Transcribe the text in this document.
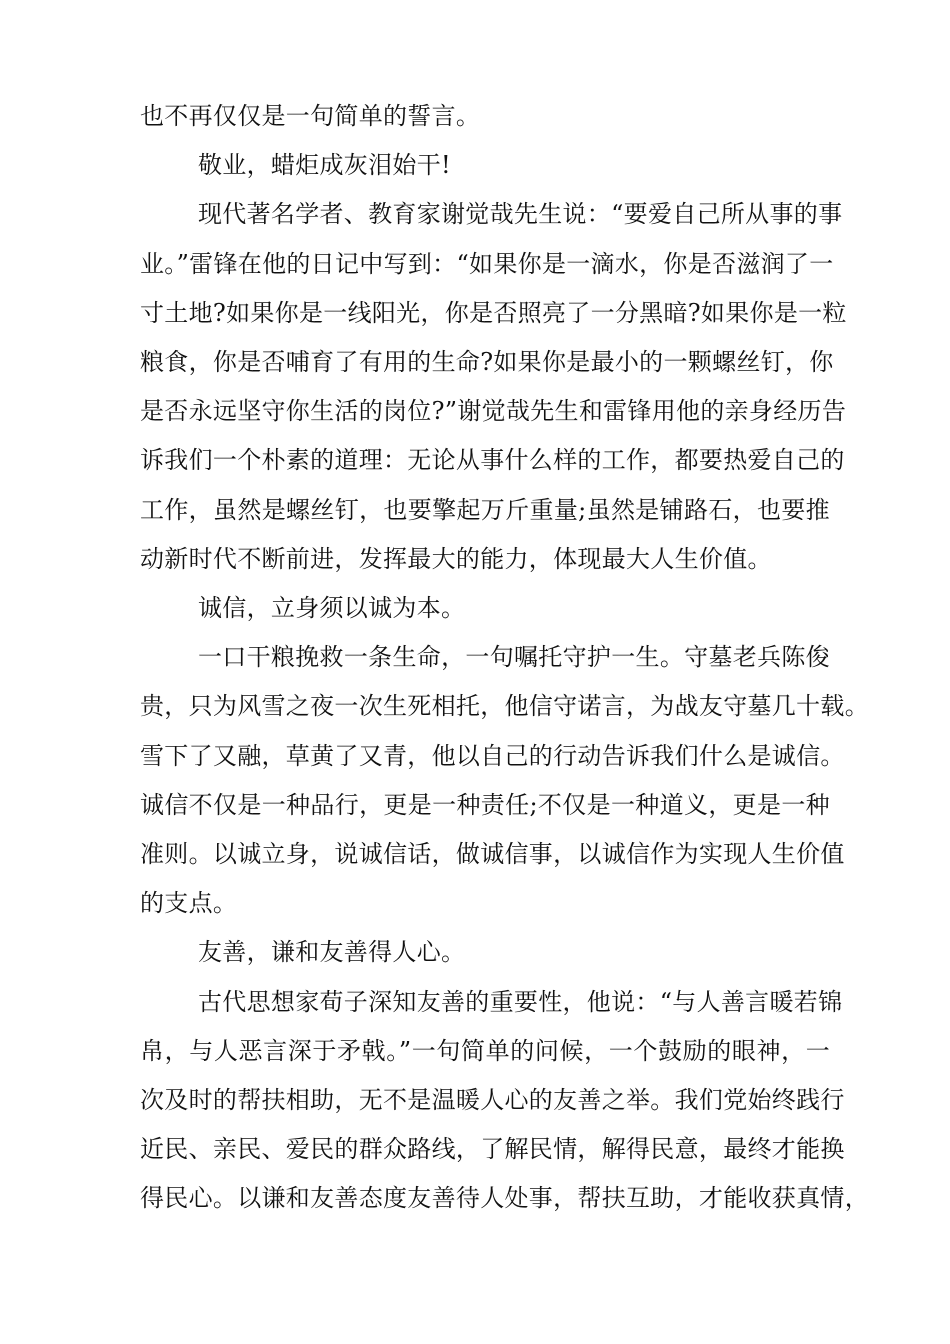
也不再仅仅是一句简单的誓言。
敬业，蜡炬成灰泪始干!
现代著名学者、教育家谢觉哉先生说：“要爱自己所从事的事
业。”雷锋在他的日记中写到：“如果你是一滴水，你是否滋润了一
寸土地?如果你是一线阳光，你是否照亮了一分黑暗?如果你是一粒
粮食，你是否哺育了有用的生命?如果你是最小的一颗螺丝钉，你
是否永远坚守你生活的岗位?”谢觉哉先生和雷锋用他的亲身经历告
诉我们一个朴素的道理：无论从事什么样的工作，都要热爱自己的
工作，虽然是螺丝钉，也要擎起万斤重量;虽然是铺路石，也要推
动新时代不断前进，发挥最大的能力，体现最大人生价值。
诚信，立身须以诚为本。
一口干粮挽救一条生命，一句嘱托守护一生。守墓老兵陈俊
贵，只为风雪之夜一次生死相托，他信守诺言，为战友守墓几十载。
雪下了又融，草黄了又青，他以自己的行动告诉我们什么是诚信。
诚信不仅是一种品行，更是一种责任;不仅是一种道义，更是一种
准则。以诚立身，说诚信话，做诚信事，以诚信作为实现人生价值
的支点。
友善，谦和友善得人心。
古代思想家荀子深知友善的重要性，他说：“与人善言暖若锦
帛，与人恶言深于矛戟。”一句简单的问候，一个鼓励的眼神，一
次及时的帮扶相助，无不是温暖人心的友善之举。我们党始终践行
近民、亲民、爱民的群众路线，了解民情，解得民意，最终才能换
得民心。以谦和友善态度友善待人处事，帮扶互助，才能收获真情，
